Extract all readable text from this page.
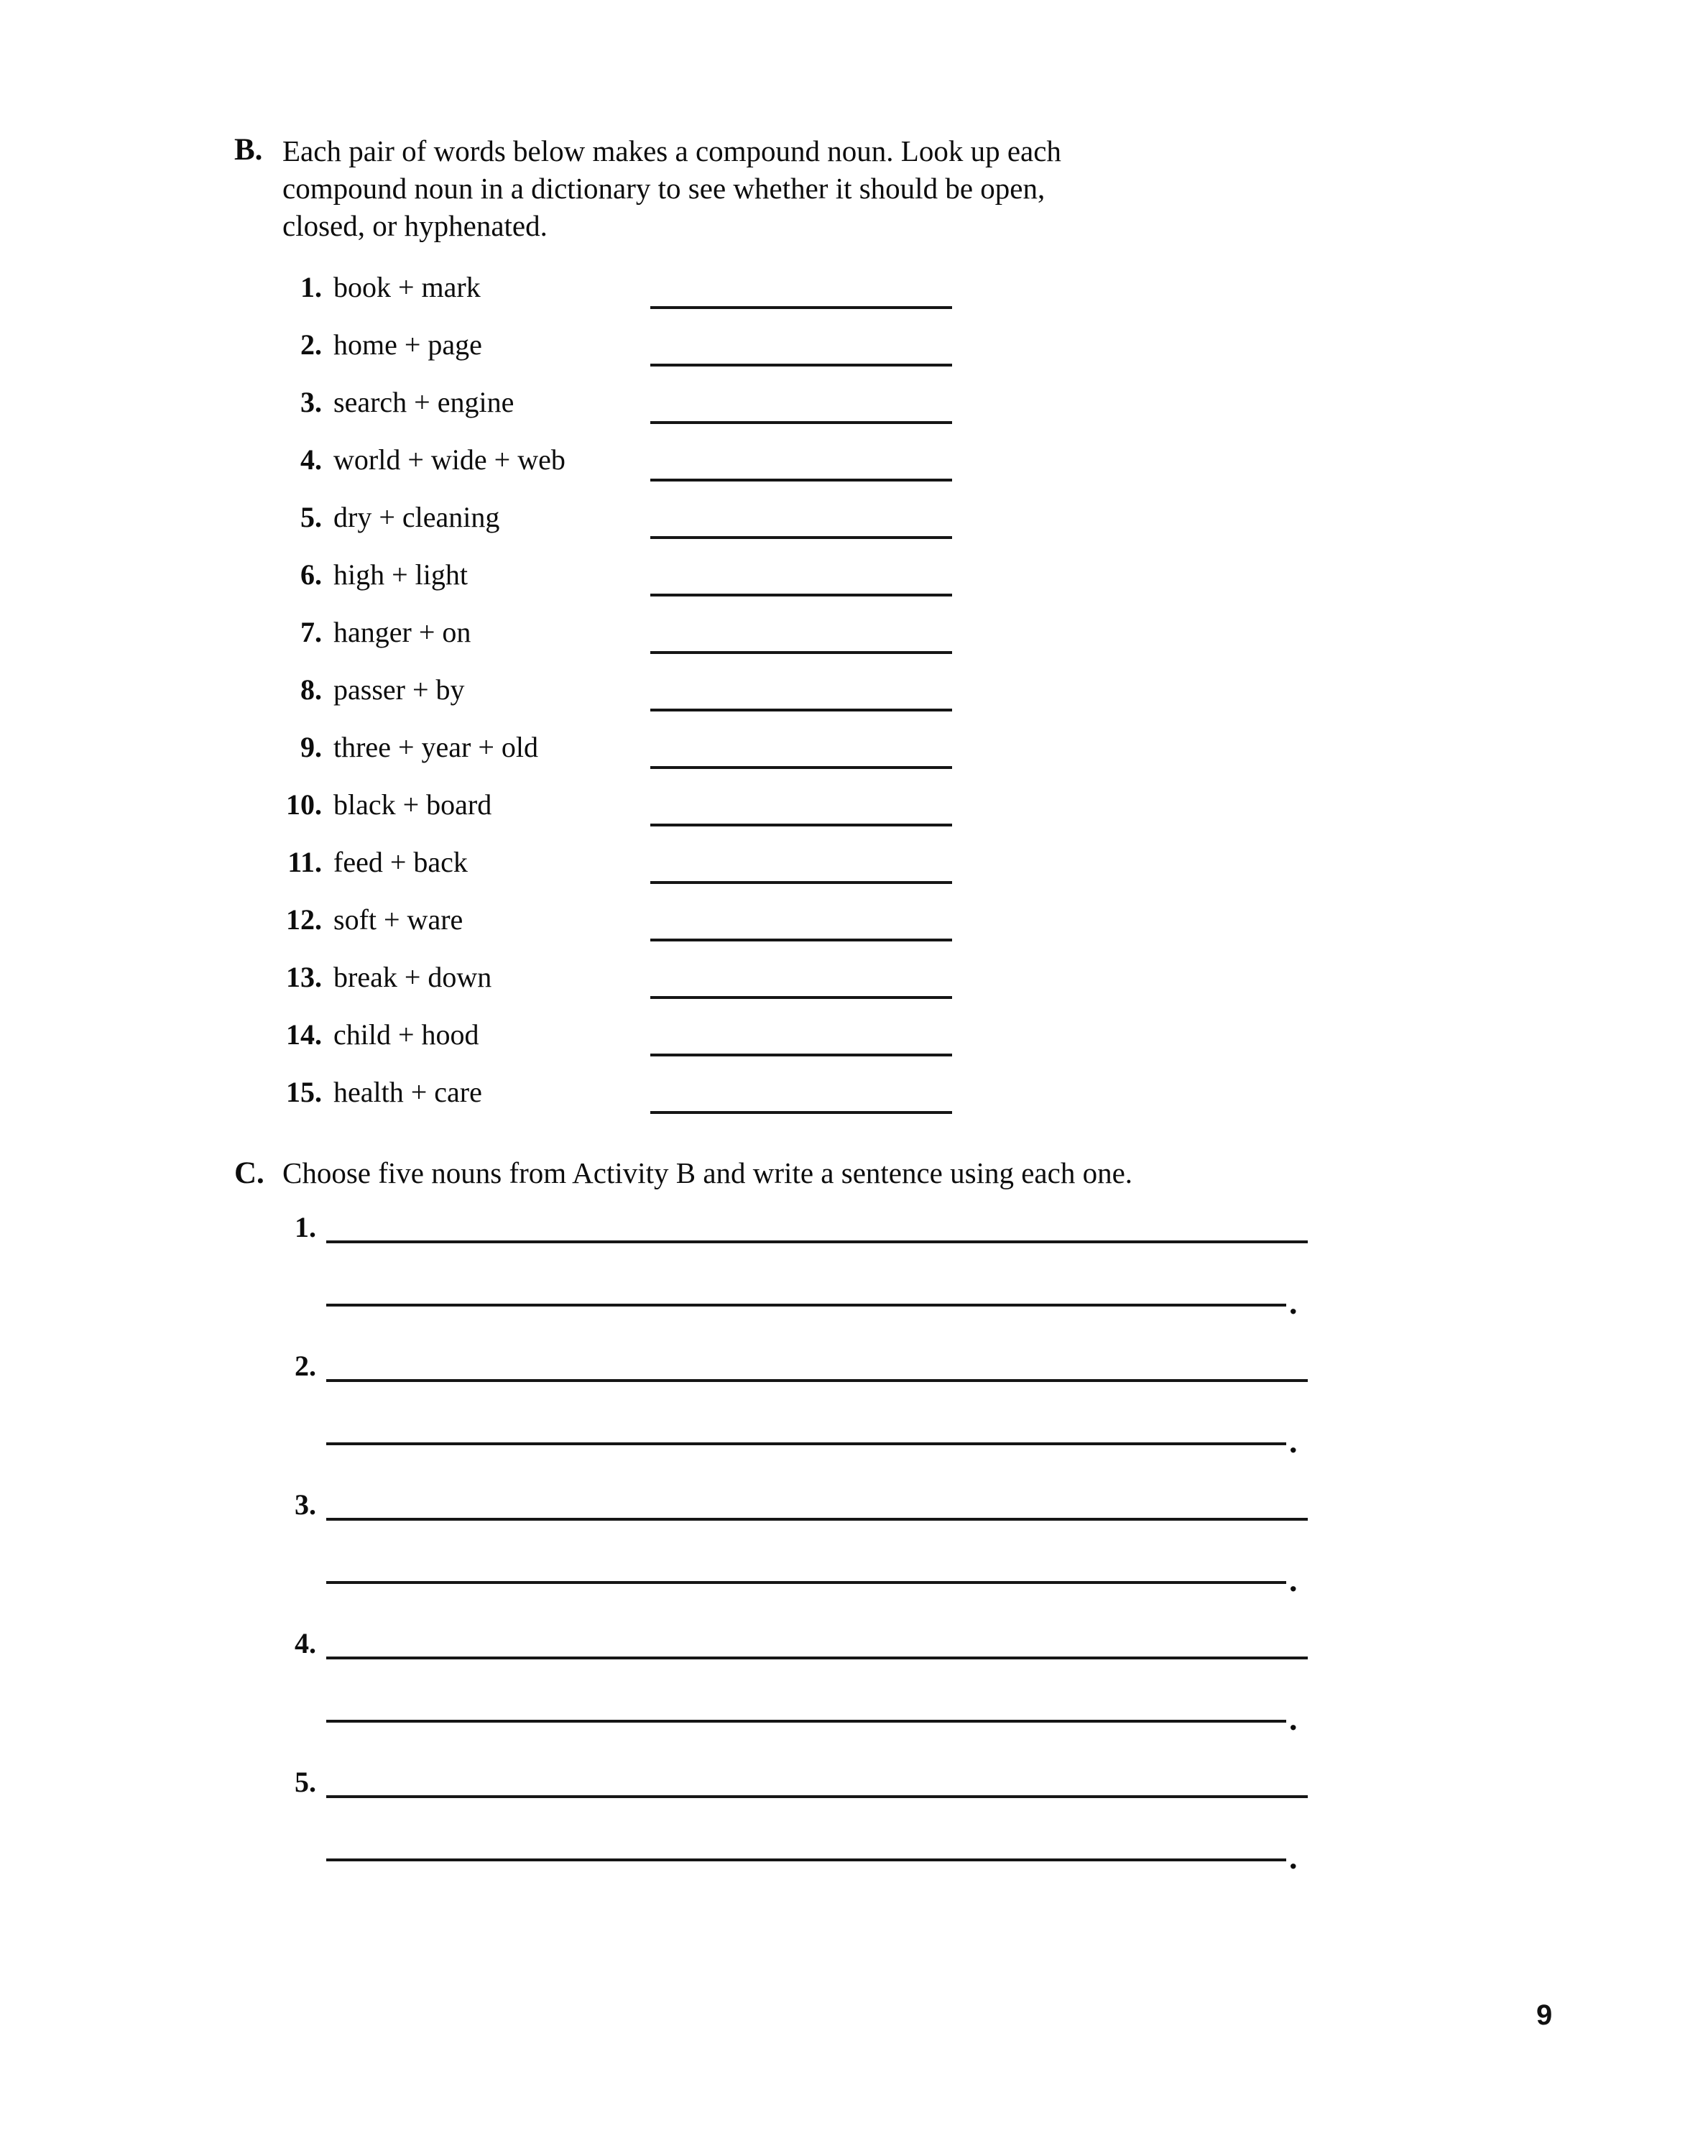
B. Each pair of words below makes a compound noun. Look up each
compound noun in a dictionary to see whether it should be open,
closed, or hyphenated.
1. book + mark
2. home + page
3. search + engine
4. world + wide + web
5. dry + cleaning
6. high + light
7. hanger + on
8. passer + by
9. three + year + old
10. black + board
11. feed + back
12. soft + ware
13. break + down
14. child + hood
15. health + care
C. Choose five nouns from Activity B and write a sentence using each one.
1.
.
2.
.
3.
.
4.
.
5.
.
9
